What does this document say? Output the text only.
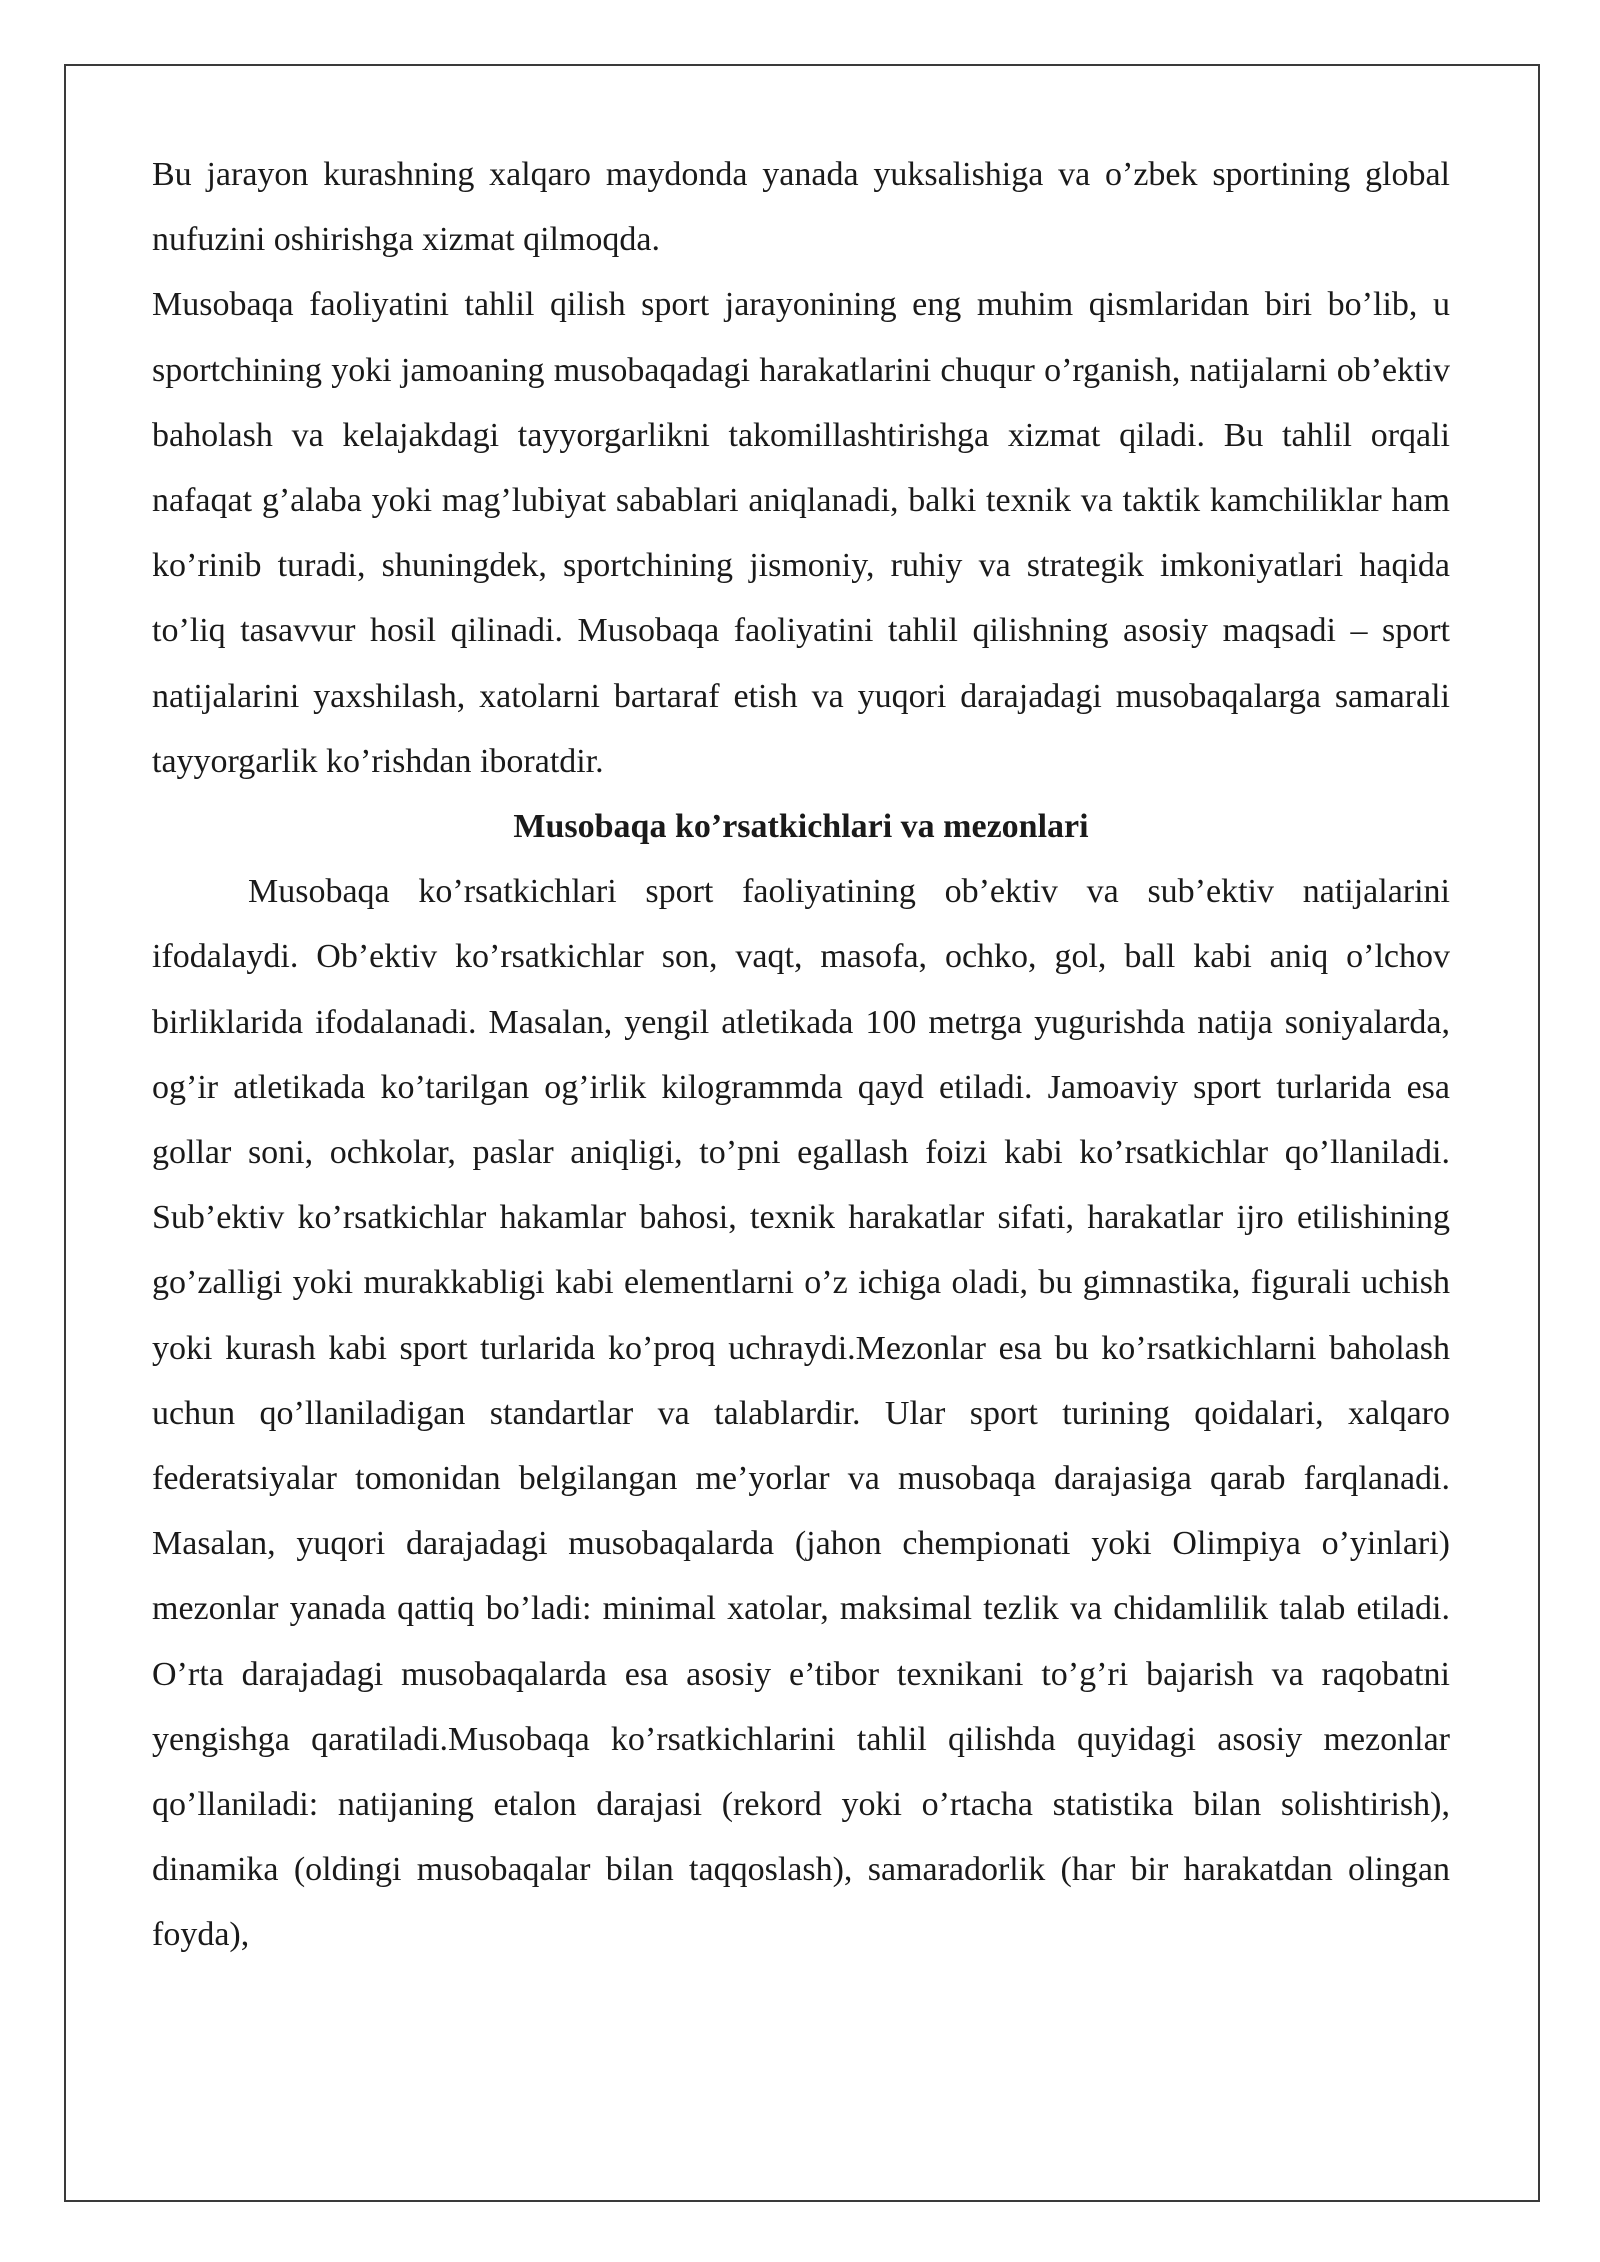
Bu jarayon kurashning xalqaro maydonda yanada yuksalishiga va o’zbek sportining global nufuzini oshirishga xizmat qilmoqda.

Musobaqa faoliyatini tahlil qilish sport jarayonining eng muhim qismlaridan biri bo’lib, u sportchining yoki jamoaning musobaqadagi harakatlarini chuqur o’rganish, natijalarni ob’ektiv baholash va kelajakdagi tayyorgarlikni takomillashtirishga xizmat qiladi. Bu tahlil orqali nafaqat g’alaba yoki mag’lubiyat sabablari aniqlanadi, balki texnik va taktik kamchiliklar ham ko’rinib turadi, shuningdek, sportchining jismoniy, ruhiy va strategik imkoniyatlari haqida to’liq tasavvur hosil qilinadi. Musobaqa faoliyatini tahlil qilishning asosiy maqsadi – sport natijalarini yaxshilash, xatolarni bartaraf etish va yuqori darajadagi musobaqalarga samarali tayyorgarlik ko’rishdan iboratdir.

Musobaqa ko’rsatkichlari va mezonlari

Musobaqa ko’rsatkichlari sport faoliyatining ob’ektiv va sub’ektiv natijalarini ifodalaydi. Ob’ektiv ko’rsatkichlar son, vaqt, masofa, ochko, gol, ball kabi aniq o’lchov birliklarida ifodalanadi. Masalan, yengil atletikada 100 metrga yugurishda natija soniyalarda, og’ir atletikada ko’tarilgan og’irlik kilogrammda qayd etiladi. Jamoaviy sport turlarida esa gollar soni, ochkolar, paslar aniqligi, to’pni egallash foizi kabi ko’rsatkichlar qo’llaniladi. Sub’ektiv ko’rsatkichlar hakamlar bahosi, texnik harakatlar sifati, harakatlar ijro etilishining go’zalligi yoki murakkabligi kabi elementlarni o’z ichiga oladi, bu gimnastika, figurali uchish yoki kurash kabi sport turlarida ko’proq uchraydi.Mezonlar esa bu ko’rsatkichlarni baholash uchun qo’llaniladigan standartlar va talablardir. Ular sport turining qoidalari, xalqaro federatsiyalar tomonidan belgilangan me’yorlar va musobaqa darajasiga qarab farqlanadi. Masalan, yuqori darajadagi musobaqalarda (jahon chempionati yoki Olimpiya o’yinlari) mezonlar yanada qattiq bo’ladi: minimal xatolar, maksimal tezlik va chidamlilik talab etiladi. O’rta darajadagi musobaqalarda esa asosiy e’tibor texnikani to’g’ri bajarish va raqobatni yengishga qaratiladi.Musobaqa ko’rsatkichlarini tahlil qilishda quyidagi asosiy mezonlar qo’llaniladi: natijaning etalon darajasi (rekord yoki o’rtacha statistika bilan solishtirish), dinamika (oldingi musobaqalar bilan taqqoslash), samaradorlik (har bir harakatdan olingan foyda),
